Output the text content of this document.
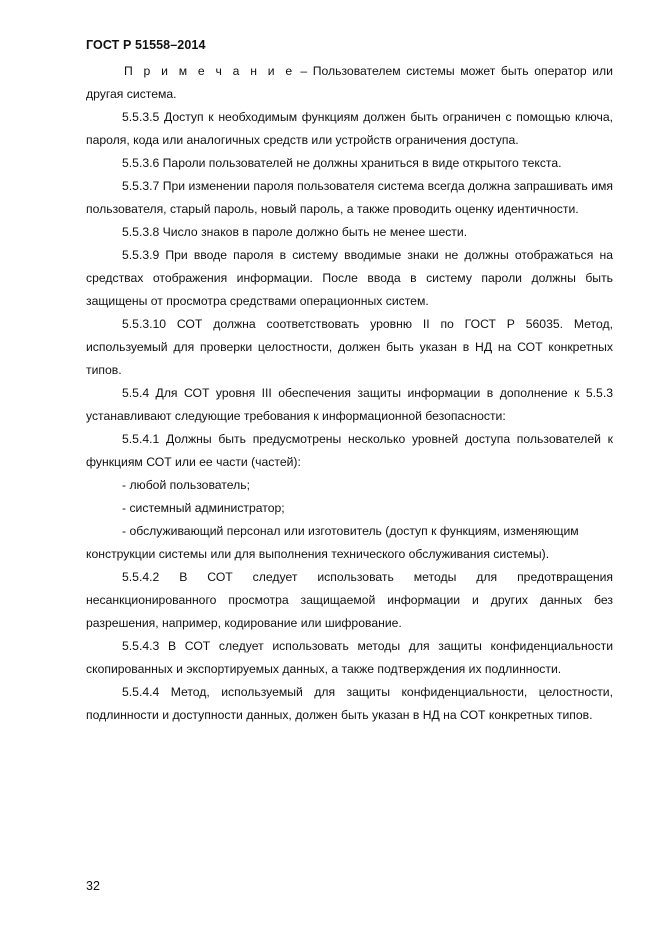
ГОСТ Р 51558–2014

П р и м е ч а н и е – Пользователем системы может быть оператор или другая система.

5.5.3.5 Доступ к необходимым функциям должен быть ограничен с помощью ключа, пароля, кода или аналогичных средств или устройств ограничения доступа.

5.5.3.6 Пароли пользователей не должны храниться в виде открытого текста.

5.5.3.7 При изменении пароля пользователя система всегда должна запрашивать имя пользователя, старый пароль, новый пароль, а также проводить оценку идентичности.

5.5.3.8 Число знаков в пароле должно быть не менее шести.

5.5.3.9 При вводе пароля в систему вводимые знаки не должны отображаться на средствах отображения информации. После ввода в систему пароли должны быть защищены от просмотра средствами операционных систем.

5.5.3.10 СОТ должна соответствовать уровню II по ГОСТ Р 56035. Метод, используемый для проверки целостности, должен быть указан в НД на СОТ конкретных типов.

5.5.4 Для СОТ уровня III обеспечения защиты информации в дополнение к 5.5.3 устанавливают следующие требования к информационной безопасности:

5.5.4.1 Должны быть предусмотрены несколько уровней доступа пользователей к функциям СОТ или ее части (частей):

- любой пользователь;

- системный администратор;

- обслуживающий персонал или изготовитель (доступ к функциям, изменяющим конструкции системы или для выполнения технического обслуживания системы).

5.5.4.2 В СОТ следует использовать методы для предотвращения несанкционированного просмотра защищаемой информации и других данных без разрешения, например, кодирование или шифрование.

5.5.4.3 В СОТ следует использовать методы для защиты конфиденциальности скопированных и экспортируемых данных, а также подтверждения их подлинности.

5.5.4.4 Метод, используемый для защиты конфиденциальности, целостности, подлинности и доступности данных, должен быть указан в НД на СОТ конкретных типов.

32
